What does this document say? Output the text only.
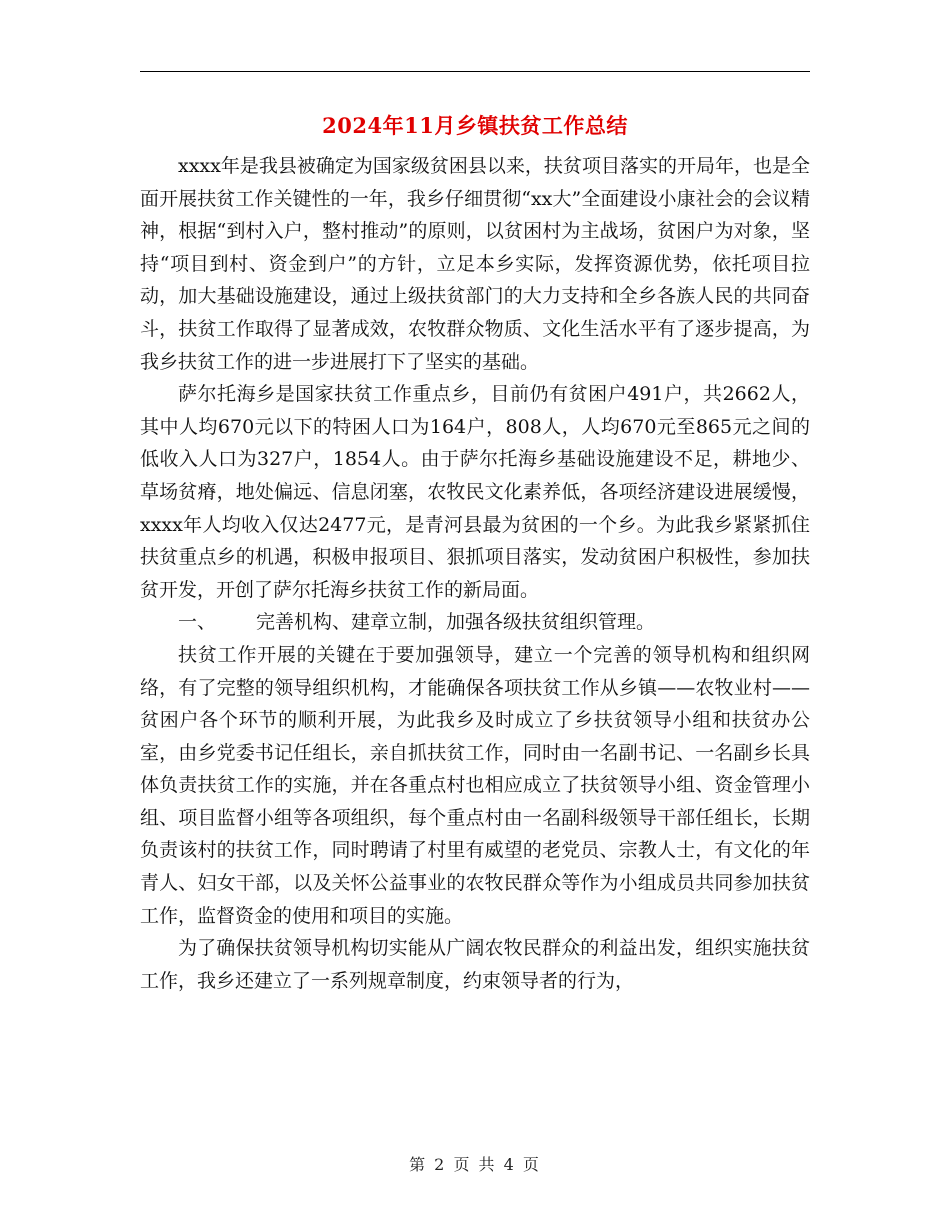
2024年11月乡镇扶贫工作总结

xxxx年是我县被确定为国家级贫困县以来，扶贫项目落实的开局年，也是全面开展扶贫工作关键性的一年，我乡仔细贯彻“xx大”全面建设小康社会的会议精神，根据“到村入户，整村推动”的原则，以贫困村为主战场，贫困户为对象，坚持“项目到村、资金到户”的方针，立足本乡实际，发挥资源优势，依托项目拉动，加大基础设施建设，通过上级扶贫部门的大力支持和全乡各族人民的共同奋斗，扶贫工作取得了显著成效，农牧群众物质、文化生活水平有了逐步提高，为我乡扶贫工作的进一步进展打下了坚实的基础。

萨尔托海乡是国家扶贫工作重点乡，目前仍有贫困户491户，共2662人，其中人均670元以下的特困人口为164户，808人，人均670元至865元之间的低收入人口为327户，1854人。由于萨尔托海乡基础设施建设不足，耕地少、草场贫瘠，地处偏远、信息闭塞，农牧民文化素养低，各项经济建设进展缓慢，xxxx年人均收入仅达2477元，是青河县最为贫困的一个乡。为此我乡紧紧抓住扶贫重点乡的机遇，积极申报项目、狠抓项目落实，发动贫困户积极性，参加扶贫开发，开创了萨尔托海乡扶贫工作的新局面。

一、 完善机构、建章立制，加强各级扶贫组织管理。

扶贫工作开展的关键在于要加强领导，建立一个完善的领导机构和组织网络，有了完整的领导组织机构，才能确保各项扶贫工作从乡镇——农牧业村——贫困户各个环节的顺利开展，为此我乡及时成立了乡扶贫领导小组和扶贫办公室，由乡党委书记任组长，亲自抓扶贫工作，同时由一名副书记、一名副乡长具体负责扶贫工作的实施，并在各重点村也相应成立了扶贫领导小组、资金管理小组、项目监督小组等各项组织，每个重点村由一名副科级领导干部任组长，长期负责该村的扶贫工作，同时聘请了村里有威望的老党员、宗教人士，有文化的年青人、妇女干部，以及关怀公益事业的农牧民群众等作为小组成员共同参加扶贫工作，监督资金的使用和项目的实施。

为了确保扶贫领导机构切实能从广阔农牧民群众的利益出发，组织实施扶贫工作，我乡还建立了一系列规章制度，约束领导者的行为，

第 2 页 共 4 页
